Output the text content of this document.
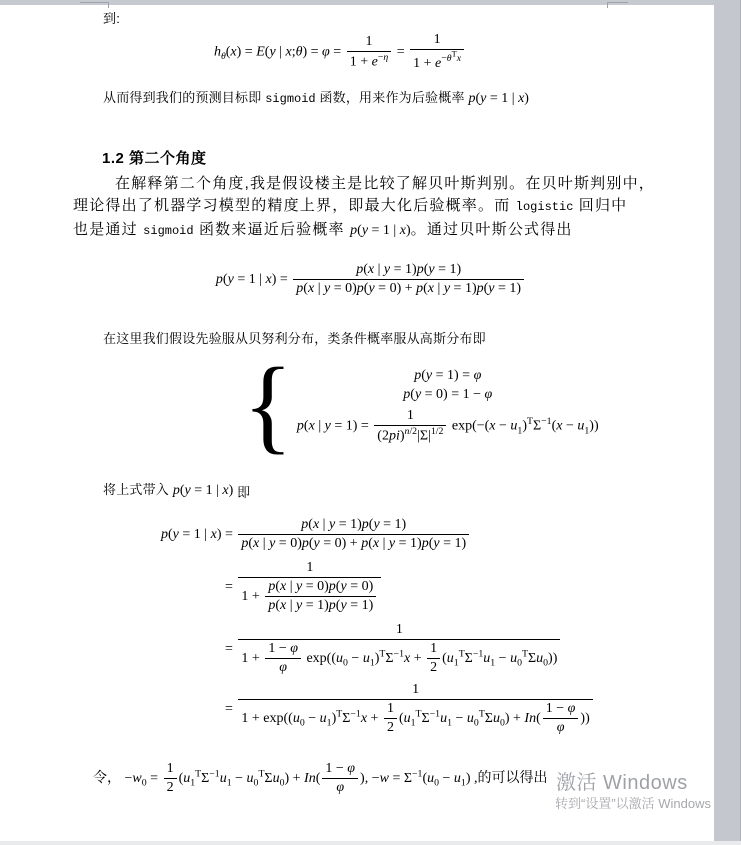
到:
$h_\theta(x) = E(y$ | x;θ) = $\varphi = \frac{1}{1 + e^{-\eta}} = \frac{1}{1 + e^{-\theta^Tx}}$
从而得到我们的预测目标即 sigmoid 函数，用来作为后验概率 p(y = 1 | x)
1.2 第二个角度
在解释第二个角度,我是假设楼主是比较了解贝叶斯判别。在贝叶斯判别中，
理论得出了机器学习模型的精度上界，即最大化后验概率。而 logistic 回归中
也是通过 sigmoid 函数来逼近后验概率 p(y = 1 | x)。通过贝叶斯公式得出
p(y = 1 | $x) = \frac{p(x | y = 1)p(y = 1)}{p(x | y = 0)p(y = 0) + p(x | y = 1)p(y = 1)}$
在这里我们假设先验服从贝努利分布，类条件概率服从高斯分布即
{	p(y = 1) = φ
p(y = 0) = 1 − φ
p(x | $y = 1) = \frac{1}{(2pi)^{n/2}|\Sigma|^{1/2}} \exp(-(x - u_1)^T\Sigma^{-1}(x - u_1))$
将上式带入 p(y = 1 | x) 即
p(y = 1 | $x) = \frac{p(x | y = 1)p(y = 1)}{p(x | y = 0)p(y = 0) + p(x | y = 1)p(y = 1)}$
= $\frac{1}{1 + \frac{p(x | y = 0)p(y = 0)}{p(x | y = 1)p(y = 1)}}$
= $\frac{1}{1 + \frac{1 - \varphi}{\varphi} \exp((u_0 - u_1)^T\Sigma^{-1}x + \frac{1}{2} (u_1^T\Sigma^{-1}u_1 - u_0^T\Sigma u_0))}$
= $\frac{1}{1 + \exp((u_0 - u_1)^T\Sigma^{-1}x + \frac{1}{2} (u_1^T\Sigma^{-1}u_1 - u_0^T\Sigma u_0) + In( \frac{1 - \varphi}{\varphi} ))}$
令， $-w_0 = \frac{1}{2} (u_1^T\Sigma^{-1}u_1 - u_0^T\Sigma u_0) + In( \frac{1 - \varphi}{\varphi}$ ), $-w = \Sigma^{-1}(u_0 - u_1)$ ,的可以得出 激活 Windows
转到“设置”以激活 Windows
